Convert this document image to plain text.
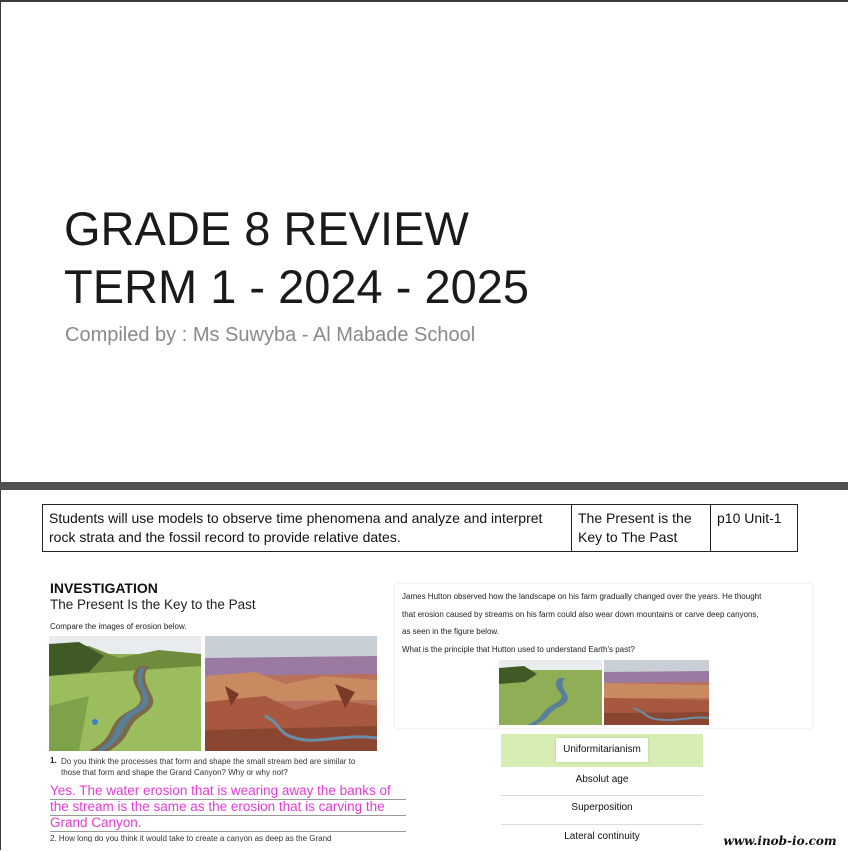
GRADE 8 REVIEW
TERM 1 - 2024 - 2025
Compiled by : Ms Suwyba - Al Mabade School
Students will use models to observe time phenomena and analyze and interpret rock strata and the fossil record to provide relative dates.	The Present is the Key to The Past	p10 Unit-1
INVESTIGATION
The Present Is the Key to the Past
Compare the images of erosion below.
1. Do you think the processes that form and shape the small stream bed are similar to those that form and shape the Grand Canyon? Why or why not?
Yes. The water erosion that is wearing away the banks of
the stream is the same as the erosion that is carving the
Grand Canyon.
2. How long do you think it would take to create a canyon as deep as the Grand
James Hutton observed how the landscape on his farm gradually changed over the years. He thought
that erosion caused by streams on his farm could also wear down mountains or carve deep canyons,
as seen in the figure below.
What is the principle that Hutton used to understand Earth's past?
Uniformitarianism
Absolut age
Superposition
Lateral continuity	www.inob-io.com
